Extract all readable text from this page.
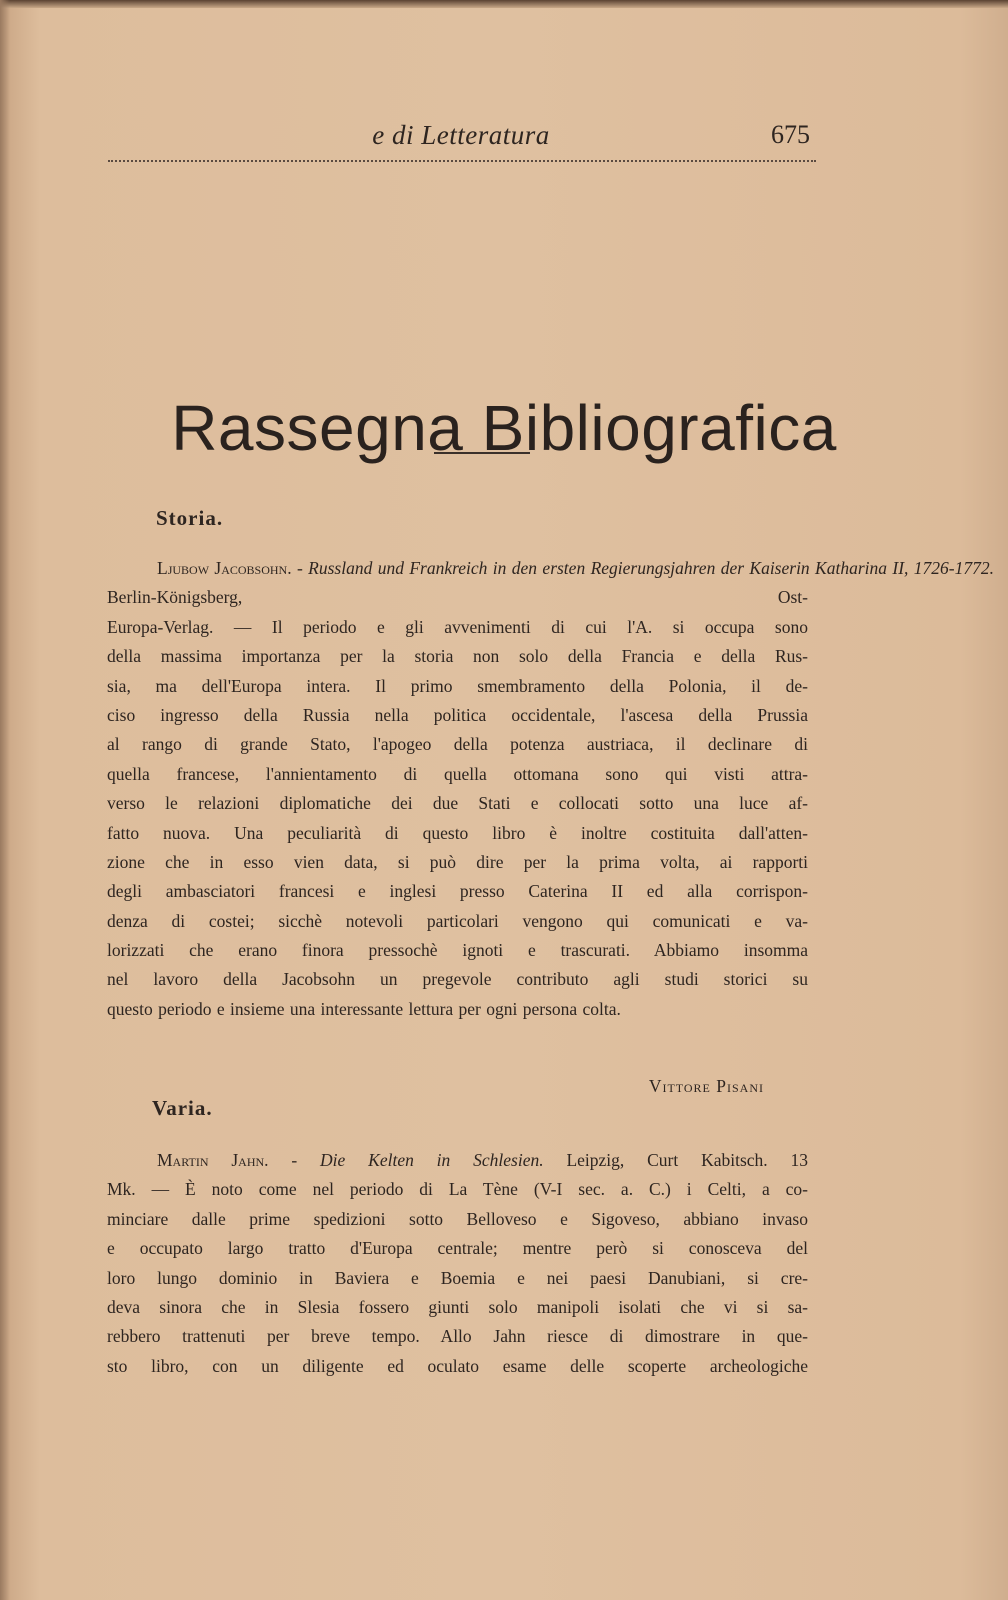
e di Letteratura	675
Rassegna Bibliografica
Storia.
Ljubow Jacobsohn. - Russland und Frankreich in den ersten Regierungsjahren der Kaiserin Katharina II, 1726-1772.
Berlin-Königsberg, Ost-
Europa-Verlag. — Il periodo e gli avvenimenti di cui l'A. si occupa sono
della massima importanza per la storia non solo della Francia e della Rus-
sia, ma dell'Europa intera. Il primo smembramento della Polonia, il de-
ciso ingresso della Russia nella politica occidentale, l'ascesa della Prussia
al rango di grande Stato, l'apogeo della potenza austriaca, il declinare di
quella francese, l'annientamento di quella ottomana sono qui visti attra-
verso le relazioni diplomatiche dei due Stati e collocati sotto una luce af-
fatto nuova. Una peculiarità di questo libro è inoltre costituita dall'atten-
zione che in esso vien data, si può dire per la prima volta, ai rapporti
degli ambasciatori francesi e inglesi presso Caterina II ed alla corrispon-
denza di costei; sicchè notevoli particolari vengono qui comunicati e va-
lorizzati che erano finora pressochè ignoti e trascurati. Abbiamo insomma
nel lavoro della Jacobsohn un pregevole contributo agli studi storici su
questo periodo e insieme una interessante lettura per ogni persona colta.
Vittore Pisani
Varia.
Martin Jahn. - Die Kelten in Schlesien. Leipzig, Curt Kabitsch. 13
Mk. — È noto come nel periodo di La Tène (V-I sec. a. C.) i Celti, a co-
minciare dalle prime spedizioni sotto Belloveso e Sigoveso, abbiano invaso
e occupato largo tratto d'Europa centrale; mentre però si conosceva del
loro lungo dominio in Baviera e Boemia e nei paesi Danubiani, si cre-
deva sinora che in Slesia fossero giunti solo manipoli isolati che vi si sa-
rebbero trattenuti per breve tempo. Allo Jahn riesce di dimostrare in que-
sto libro, con un diligente ed oculato esame delle scoperte archeologiche
